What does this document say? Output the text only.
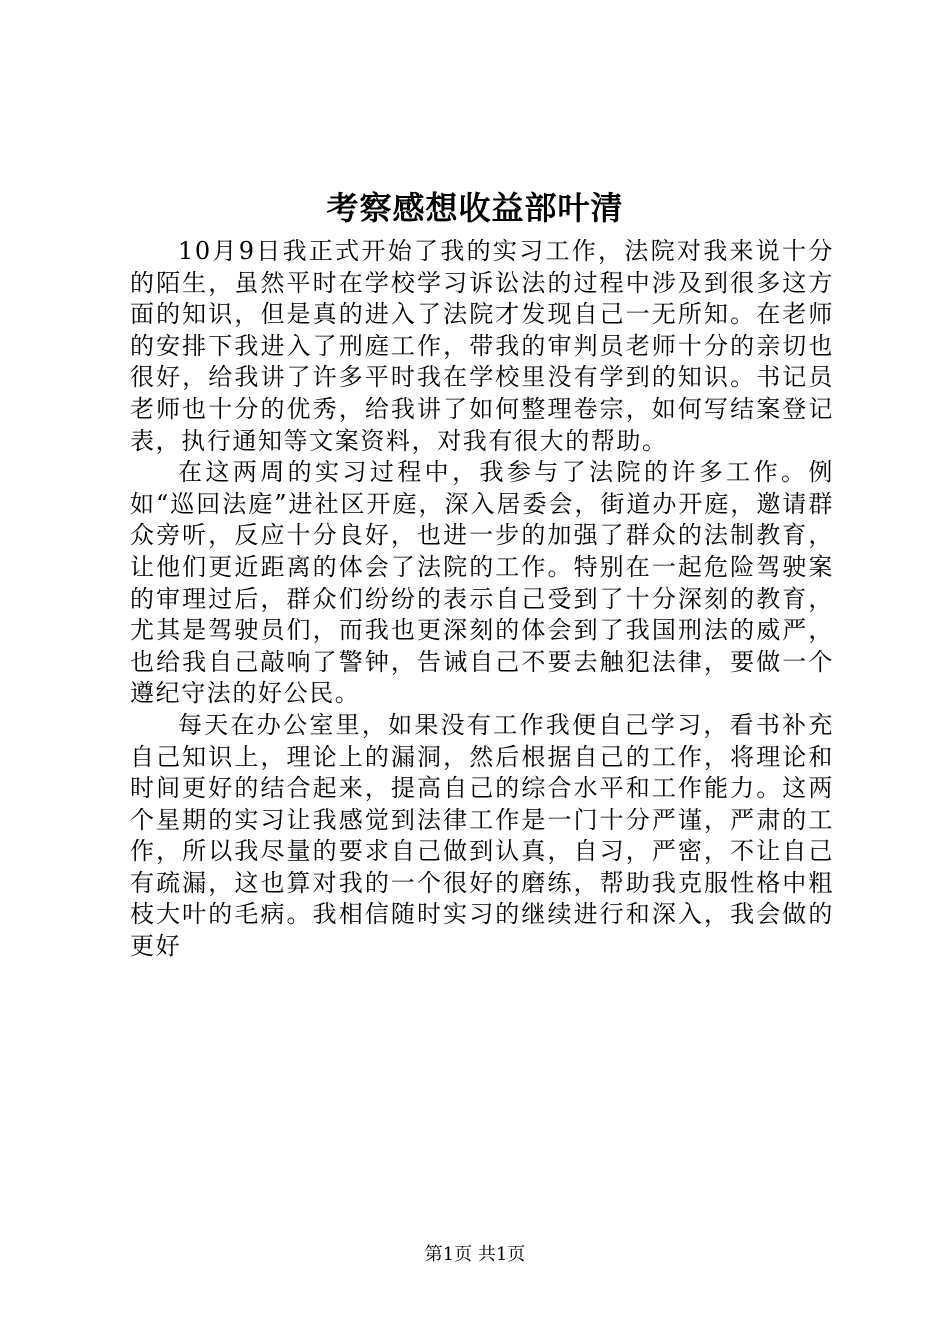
考察感想收益部叶清

10月9日我正式开始了我的实习工作，法院对我来说十分的陌生，虽然平时在学校学习诉讼法的过程中涉及到很多这方面的知识，但是真的进入了法院才发现自己一无所知。在老师的安排下我进入了刑庭工作，带我的审判员老师十分的亲切也很好，给我讲了许多平时我在学校里没有学到的知识。书记员老师也十分的优秀，给我讲了如何整理卷宗，如何写结案登记表，执行通知等文案资料，对我有很大的帮助。

在这两周的实习过程中，我参与了法院的许多工作。例如“巡回法庭”进社区开庭，深入居委会，街道办开庭，邀请群众旁听，反应十分良好，也进一步的加强了群众的法制教育，让他们更近距离的体会了法院的工作。特别在一起危险驾驶案的审理过后，群众们纷纷的表示自己受到了十分深刻的教育，尤其是驾驶员们，而我也更深刻的体会到了我国刑法的威严，也给我自己敲响了警钟，告诫自己不要去触犯法律，要做一个遵纪守法的好公民。

每天在办公室里，如果没有工作我便自己学习，看书补充自己知识上，理论上的漏洞，然后根据自己的工作，将理论和时间更好的结合起来，提高自己的综合水平和工作能力。这两个星期的实习让我感觉到法律工作是一门十分严谨，严肃的工作，所以我尽量的要求自己做到认真，自习，严密，不让自己有疏漏，这也算对我的一个很好的磨练，帮助我克服性格中粗枝大叶的毛病。我相信随时实习的继续进行和深入，我会做的更好

第1页 共1页
